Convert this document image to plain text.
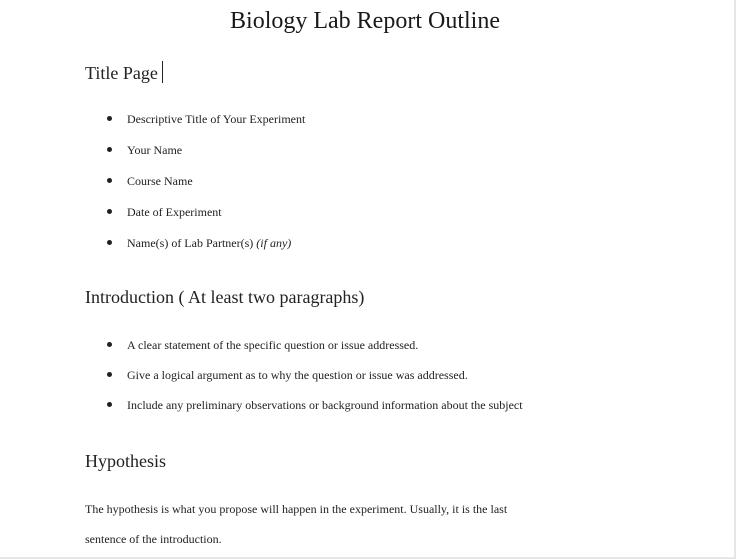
Biology Lab Report Outline
Title Page
Descriptive Title of Your Experiment
Your Name
Course Name
Date of Experiment
Name(s) of Lab Partner(s) (if any)
Introduction ( At least two paragraphs)
A clear statement of the specific question or issue addressed.
Give a logical argument as to why the question or issue was addressed.
Include any preliminary observations or background information about the subject
Hypothesis
The hypothesis is what you propose will happen in the experiment. Usually, it is the last
sentence of the introduction.
